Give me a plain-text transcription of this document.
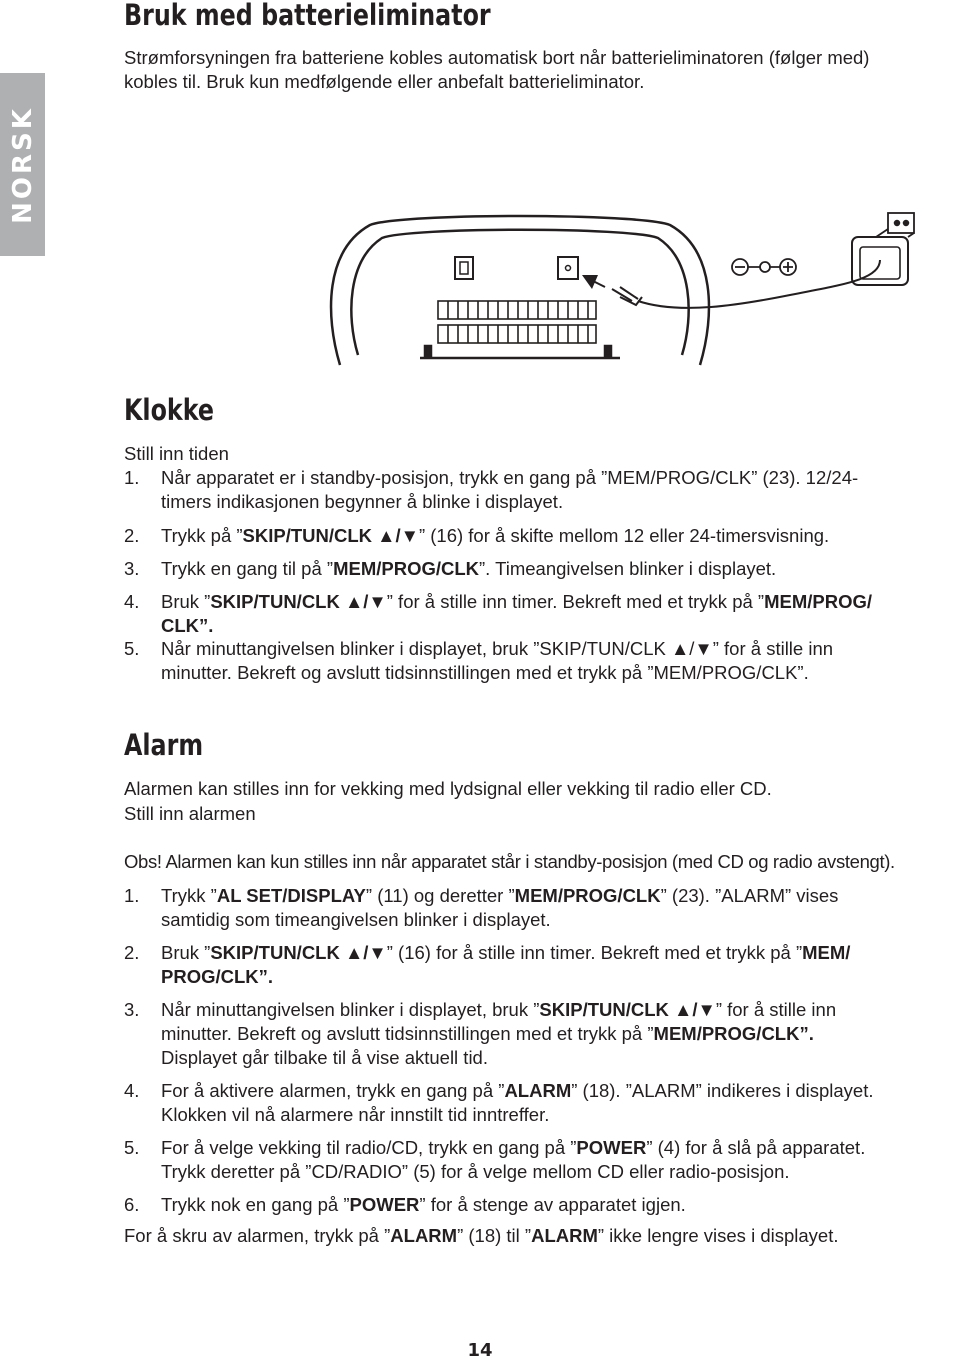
NORSK
Bruk med batterieliminator

Strømforsyningen fra batteriene kobles automatisk bort når batterieliminatoren (følger med)

kobles til. Bruk kun medfølgende eller anbefalt batterieliminator.

Klokke

Still inn tiden

1. Når apparatet er i standby-posisjon, trykk en gang på ”MEM/PROG/CLK” (23). 12/24-
timers indikasjonen begynner å blinke i displayet.
2. Trykk på ”SKIP/TUN/CLK ▲/▼” (16) for å skifte mellom 12 eller 24-timersvisning.
3. Trykk en gang til på ”MEM/PROG/CLK”. Timeangivelsen blinker i displayet.
4. Bruk ”SKIP/TUN/CLK ▲/▼” for å stille inn timer. Bekreft med et trykk på ”MEM/PROG/
CLK”.
5. Når minuttangivelsen blinker i displayet, bruk ”SKIP/TUN/CLK ▲/▼” for å stille inn
minutter. Bekreft og avslutt tidsinnstillingen med et trykk på ”MEM/PROG/CLK”.
Alarm

Alarmen kan stilles inn for vekking med lydsignal eller vekking til radio eller CD.

Still inn alarmen

Obs! Alarmen kan kun stilles inn når apparatet står i standby-posisjon (med CD og radio avstengt).

1. Trykk ”AL SET/DISPLAY” (11) og deretter ”MEM/PROG/CLK” (23). ”ALARM” vises
samtidig som timeangivelsen blinker i displayet.
2. Bruk ”SKIP/TUN/CLK ▲/▼” (16) for å stille inn timer. Bekreft med et trykk på ”MEM/
PROG/CLK”.
3. Når minuttangivelsen blinker i displayet, bruk ”SKIP/TUN/CLK ▲/▼” for å stille inn
minutter. Bekreft og avslutt tidsinnstillingen med et trykk på ”MEM/PROG/CLK”.
Displayet går tilbake til å vise aktuell tid.
4. For å aktivere alarmen, trykk en gang på ”ALARM” (18). ”ALARM” indikeres i displayet.
Klokken vil nå alarmere når innstilt tid inntreffer.
5. For å velge vekking til radio/CD, trykk en gang på ”POWER” (4) for å slå på apparatet.
Trykk deretter på ”CD/RADIO” (5) for å velge mellom CD eller radio-posisjon.
6. Trykk nok en gang på ”POWER” for å stenge av apparatet igjen.

For å skru av alarmen, trykk på ”ALARM” (18) til ”ALARM” ikke lengre vises i displayet.

14
